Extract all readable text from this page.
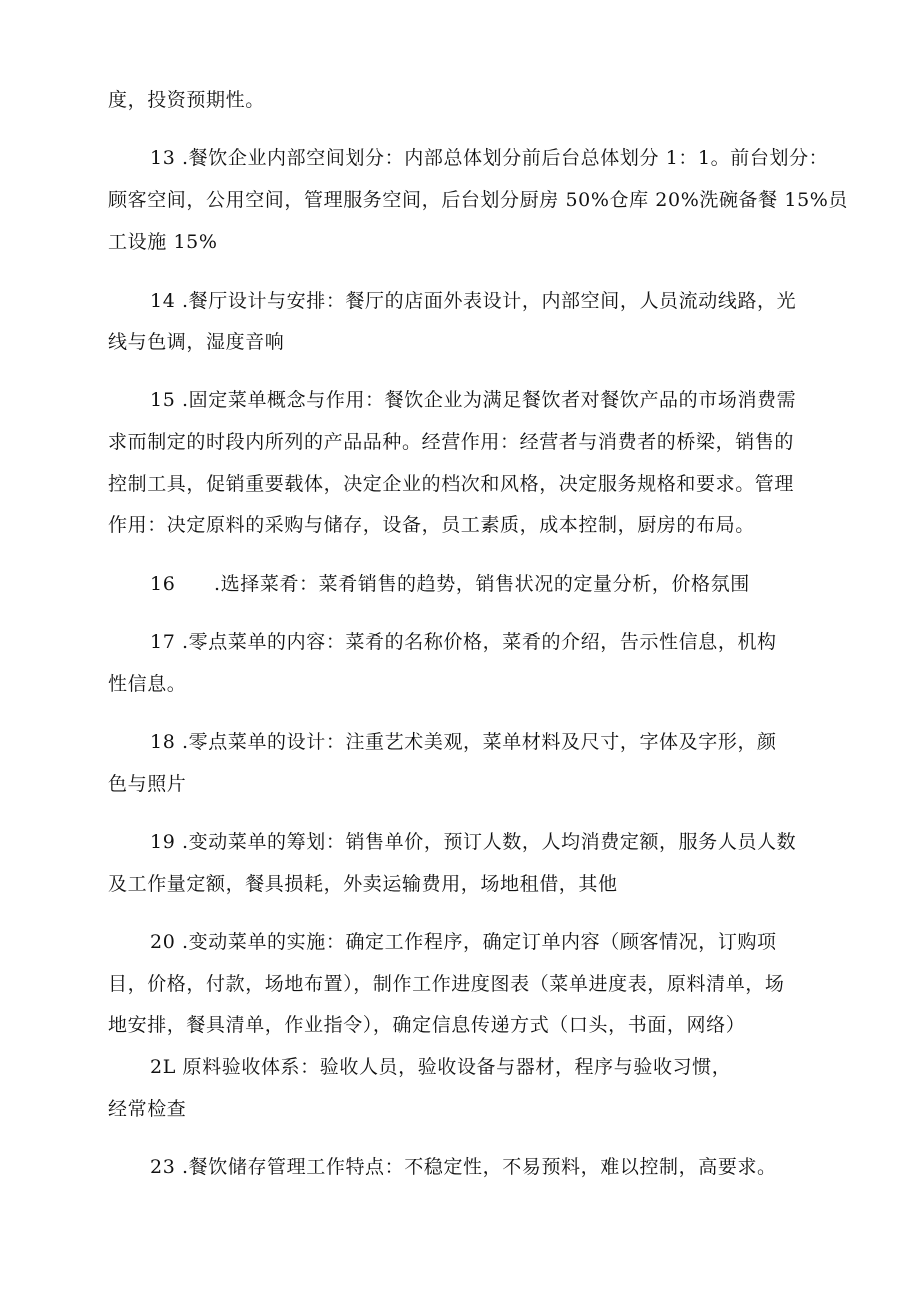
度，投资预期性。
13 .餐饮企业内部空间划分：内部总体划分前后台总体划分 1：1。前台划分：
顾客空间，公用空间，管理服务空间，后台划分厨房 50%仓库 20%洗碗备餐 15%员
工设施 15%
14 .餐厅设计与安排：餐厅的店面外表设计，内部空间，人员流动线路，光
线与色调，湿度音响
15 .固定菜单概念与作用：餐饮企业为满足餐饮者对餐饮产品的市场消费需
求而制定的时段内所列的产品品种。经营作用：经营者与消费者的桥梁，销售的
控制工具，促销重要载体，决定企业的档次和风格，决定服务规格和要求。管理
作用：决定原料的采购与储存，设备，员工素质，成本控制，厨房的布局。
16 .选择菜肴：菜肴销售的趋势，销售状况的定量分析，价格氛围
17 .零点菜单的内容：菜肴的名称价格，菜肴的介绍，告示性信息，机构
性信息。
18 .零点菜单的设计：注重艺术美观，菜单材料及尺寸，字体及字形，颜
色与照片
19 .变动菜单的筹划：销售单价，预订人数，人均消费定额，服务人员人数
及工作量定额，餐具损耗，外卖运输费用，场地租借，其他
20 .变动菜单的实施：确定工作程序，确定订单内容（顾客情况，订购项
目，价格，付款，场地布置），制作工作进度图表（菜单进度表，原料清单，场
地安排，餐具清单，作业指令），确定信息传递方式（口头，书面，网络）
2L 原料验收体系：验收人员，验收设备与器材，程序与验收习惯，
经常检查
23 .餐饮储存管理工作特点：不稳定性，不易预料，难以控制，高要求。
